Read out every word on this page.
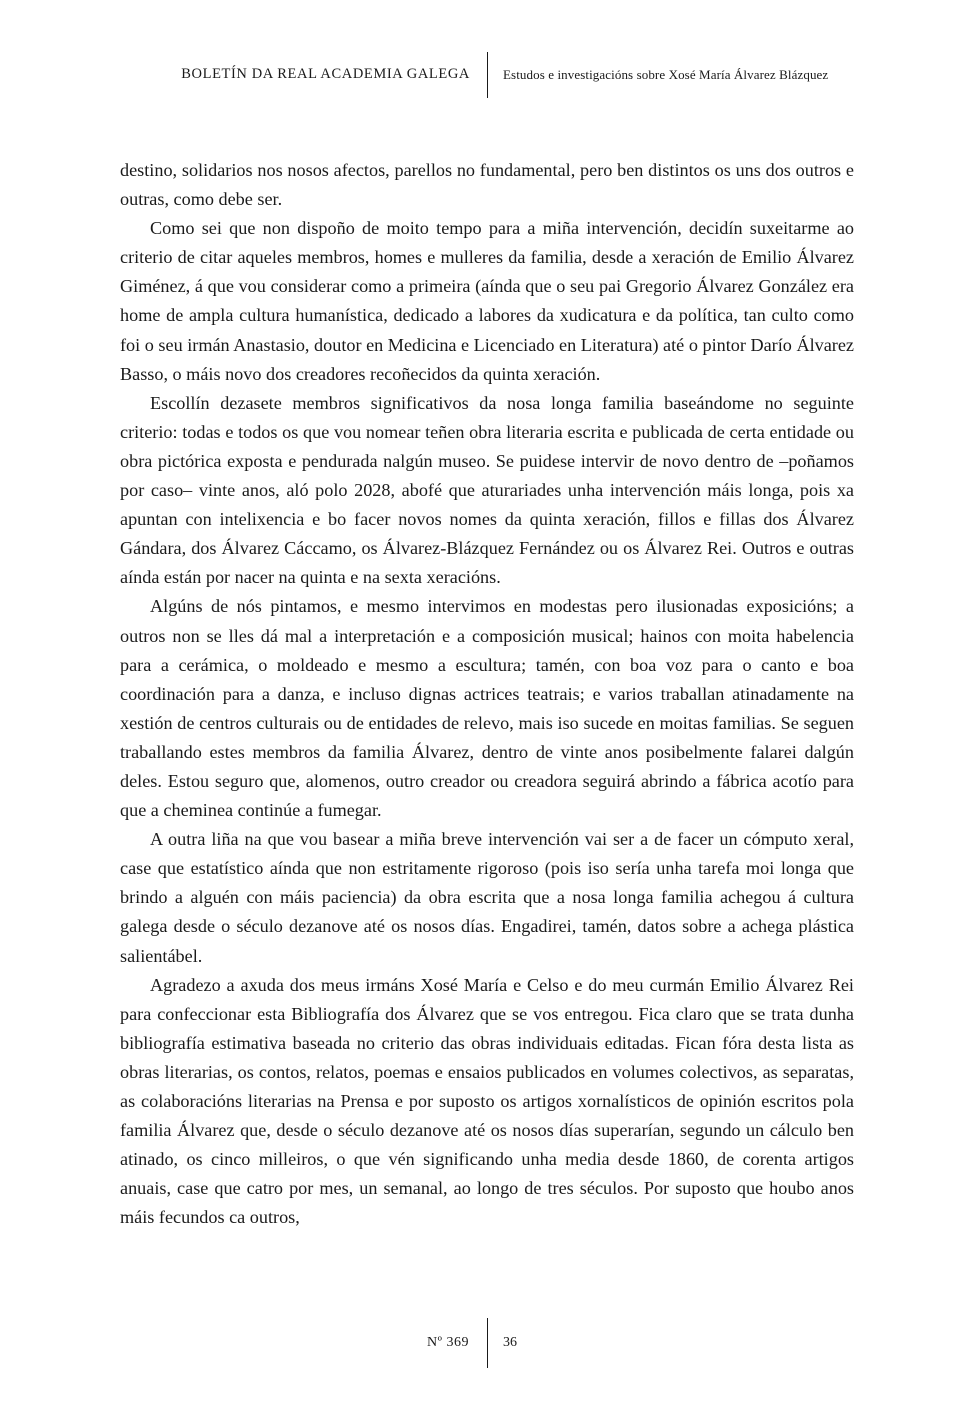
BOLETÍN DA REAL ACADEMIA GALEGA	Estudos e investigacións sobre Xosé María Álvarez Blázquez

destino, solidarios nos nosos afectos, parellos no fundamental, pero ben distintos os uns dos outros e outras, como debe ser.

Como sei que non dispoño de moito tempo para a miña intervención, decidín suxeitarme ao criterio de citar aqueles membros, homes e mulleres da familia, desde a xeración de Emilio Álvarez Giménez, á que vou considerar como a primeira (aínda que o seu pai Gregorio Álvarez González era home de ampla cultura humanística, dedicado a labores da xudicatura e da política, tan culto como foi o seu irmán Anastasio, doutor en Medicina e Licenciado en Literatura) até o pintor Darío Álvarez Basso, o máis novo dos creadores recoñecidos da quinta xeración.

Escollín dezasete membros significativos da nosa longa familia baseándome no seguinte criterio: todas e todos os que vou nomear teñen obra literaria escrita e publicada de certa entidade ou obra pictórica exposta e pendurada nalgún museo. Se puidese intervir de novo dentro de –poñamos por caso– vinte anos, aló polo 2028, abofé que aturariades unha intervención máis longa, pois xa apuntan con intelixencia e bo facer novos nomes da quinta xeración, fillos e fillas dos Álvarez Gándara, dos Álvarez Cáccamo, os Álvarez-Blázquez Fernández ou os Álvarez Rei. Outros e outras aínda están por nacer na quinta e na sexta xeracións.

Algúns de nós pintamos, e mesmo intervimos en modestas pero ilusionadas exposicións; a outros non se lles dá mal a interpretación e a composición musical; hainos con moita habelencia para a cerámica, o moldeado e mesmo a escultura; tamén, con boa voz para o canto e boa coordinación para a danza, e incluso dignas actrices teatrais; e varios traballan atinadamente na xestión de centros culturais ou de entidades de relevo, mais iso sucede en moitas familias. Se seguen traballando estes membros da familia Álvarez, dentro de vinte anos posibelmente falarei dalgún deles. Estou seguro que, alomenos, outro creador ou creadora seguirá abrindo a fábrica acotío para que a cheminea continúe a fumegar.

A outra liña na que vou basear a miña breve intervención vai ser a de facer un cómputo xeral, case que estatístico aínda que non estritamente rigoroso (pois iso sería unha tarefa moi longa que brindo a alguén con máis paciencia) da obra escrita que a nosa longa familia achegou á cultura galega desde o século dezanove até os nosos días. Engadirei, tamén, datos sobre a achega plástica salientábel.

Agradezo a axuda dos meus irmáns Xosé María e Celso e do meu curmán Emilio Álvarez Rei para confeccionar esta Bibliografía dos Álvarez que se vos entregou. Fica claro que se trata dunha bibliografía estimativa baseada no criterio das obras individuais editadas. Fican fóra desta lista as obras literarias, os contos, relatos, poemas e ensaios publicados en volumes colectivos, as separatas, as colaboracións literarias na Prensa e por suposto os artigos xornalísticos de opinión escritos pola familia Álvarez que, desde o século dezanove até os nosos días superarían, segundo un cálculo ben atinado, os cinco milleiros, o que vén significando unha media desde 1860, de corenta artigos anuais, case que catro por mes, un semanal, ao longo de tres séculos. Por suposto que houbo anos máis fecundos ca outros,

Nº 369 36
